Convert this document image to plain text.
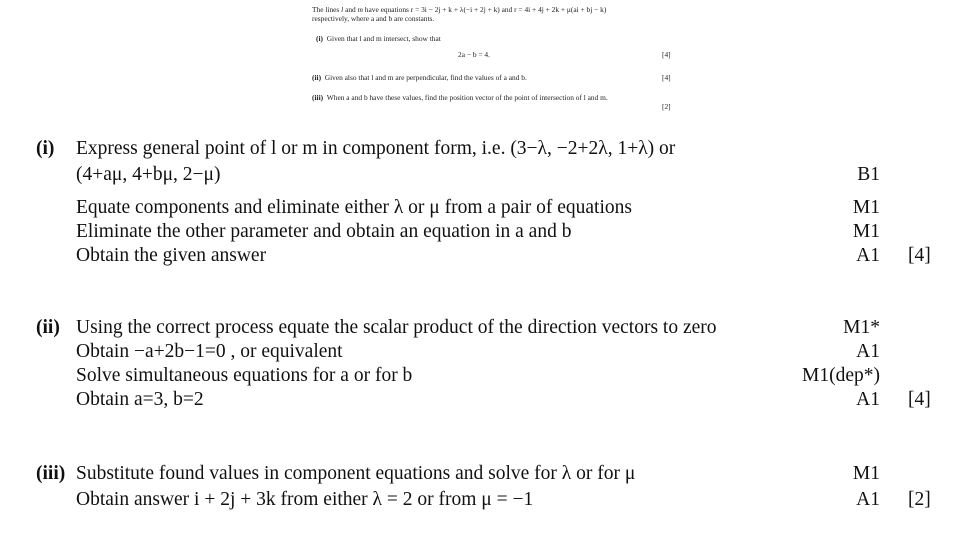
The lines l and m have equations r = 3i − 2j + k + λ(−i + 2j + k) and r = 4i + 4j + 2k + μ(ai + bj − k)
respectively, where a and b are constants.
(i) Given that l and m intersect, show that
2a − b = 4.	[4]
(ii) Given also that l and m are perpendicular, find the values of a and b.	[4]
(iii) When a and b have these values, find the position vector of the point of intersection of l and m.
[2]
(i) Express general point of l or m in component form, i.e. (3−λ, −2+2λ, 1+λ) or
(4+aμ, 4+bμ, 2−μ)	B1
Equate components and eliminate either λ or μ from a pair of equations	M1
Eliminate the other parameter and obtain an equation in a and b	M1
Obtain the given answer	A1 [4]
(ii) Using the correct process equate the scalar product of the direction vectors to zero	M1*
Obtain −a+2b−1=0 , or equivalent	A1
Solve simultaneous equations for a or for b	M1(dep*)
Obtain a=3, b=2	A1 [4]
(iii) Substitute found values in component equations and solve for λ or for μ	M1
Obtain answer i + 2j + 3k from either λ = 2 or from μ = −1	A1 [2]
